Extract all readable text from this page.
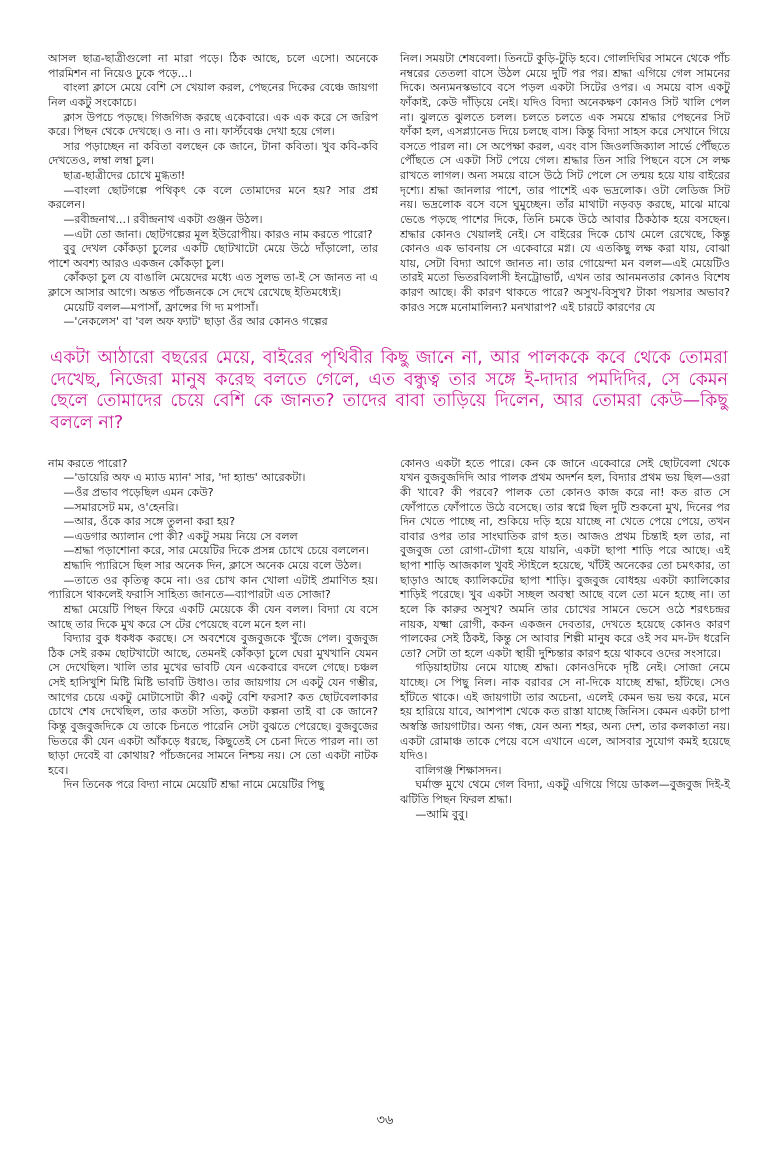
আসল ছাত্র-ছাত্রীগুলো না মারা পড়ে। ঠিক আছে, চলে এসো। অনেকে পারমিশন না নিয়েও ঢুকে পড়ে...।

বাংলা ক্লাসে মেয়ে বেশি সে খেয়াল করল, পেছনের দিকের বেঞ্চে জায়গা নিল একটু সংকোচে।

ক্লাস উপচে পড়ছে। গিজগিজ করছে একেবারে। এক এক করে সে জরিপ করে। পিছন থেকে দেখছে। ও না। ও না। ফার্স্টবেঞ্চ দেখা হয়ে গেল।

সার পড়াচ্ছেন না কবিতা বলছেন কে জানে, টানা কবিতা। খুব কবি-কবি দেখতেও, লম্বা লম্বা চুল।

ছাত্র-ছাত্রীদের চোখে মুগ্ধতা!

—বাংলা ছোটগল্পে পথিকৃৎ কে বলে তোমাদের মনে হয়? সার প্রশ্ন করলেন।

—রবীন্দ্রনাথ...। রবীন্দ্রনাথ একটা গুঞ্জন উঠল।

—এটা তো জানা। ছোটগল্পের মূল ইউরোপীয়। কারও নাম করতে পারো?

বুবু দেখল কোঁকড়া চুলের একটি ছোটখাটো মেয়ে উঠে দাঁড়ালো, তার পাশে অবশ্য আরও একজন কোঁকড়া চুল।

কোঁকড়া চুল যে বাঙালি মেয়েদের মধ্যে এত সুলভ তা-ই সে জানত না এ ক্লাসে আসার আগে। অন্তত পাঁচজনকে সে দেখে রেখেছে ইতিমধ্যেই।

মেয়েটি বলল—মপাসাঁ, ফ্রান্সের গি দ্য মপাসাঁ।

—'নেকলেস' বা 'বল অফ ফ্যাট' ছাড়া ওঁর আর কোনও গল্পের

নিল। সময়টা শেষবেলা। তিনটে কুড়ি-টুড়ি হবে। গোলদিঘির সামনে থেকে পাঁচ নম্বরের তেতলা বাসে উঠল মেয়ে দুটি পর পর। শ্রদ্ধা এগিয়ে গেল সামনের দিকে। অন্যমনস্কভাবে বসে পড়ল একটা সিটের ওপর। এ সময়ে বাস একটু ফাঁকাই, কেউ দাঁড়িয়ে নেই। যদিও বিদ্যা অনেকক্ষণ কোনও সিট খালি পেল না। ঝুলতে ঝুলতে চলল। চলতে চলতে এক সময়ে শ্রদ্ধার পেছনের সিট ফাঁকা হল, এসপ্ল্যানেড দিয়ে চলছে বাস। কিন্তু বিদ্যা সাহস করে সেখানে গিয়ে বসতে পারল না। সে অপেক্ষা করল, এবং বাস জিওলজিক্যাল সার্ভে পৌঁছতে পৌঁছতে সে একটা সিট পেয়ে গেল। শ্রদ্ধার তিন সারি পিছনে বসে সে লক্ষ রাখতে লাগল। অন্য সময়ে বাসে উঠে সিট পেলে সে তন্ময় হয়ে যায় বাইরের দৃশ্যে। শ্রদ্ধা জানলার পাশে, তার পাশেই এক ভদ্রলোক। ওটা লেডিজ সিট নয়। ভদ্রলোক বসে বসে ঘুমুচ্ছেন। তাঁর মাথাটা নড়বড় করছে, মাঝে মাঝে ভেঙে পড়ছে পাশের দিকে, তিনি চমকে উঠে আবার ঠিকঠাক হয়ে বসছেন। শ্রদ্ধার কোনও খেয়ালই নেই। সে বাইরের দিকে চোখ মেলে রেখেছে, কিন্তু কোনও এক ভাবনায় সে একেবারে মগ্ন। যে এতকিছু লক্ষ করা যায়, বোঝা যায়, সেটা বিদ্যা আগে জানত না। তার গোয়েন্দা মন বলল—এই মেয়েটিও তারই মতো ভিতরবিলাসী ইনট্রোভার্ট, এখন তার আনমনতার কোনও বিশেষ কারণ আছে। কী কারণ থাকতে পারে? অসুখ-বিসুখ? টাকা পয়সার অভাব? কারও সঙ্গে মনোমালিন্য? মনখারাপ? এই চারটে কারণের যে

একটা আঠারো বছরের মেয়ে, বাইরের পৃথিবীর কিছু জানে না, আর পালককে কবে থেকে তোমরা দেখেছ, নিজেরা মানুষ করেছ বলতে গেলে, এত বন্ধুত্ব তার সঙ্গে ই-দাদার পমদিদির, সে কেমন ছেলে তোমাদের চেয়ে বেশি কে জানত? তাদের বাবা তাড়িয়ে দিলেন, আর তোমরা কেউ—কিছু বললে না?

নাম করতে পারো?

—'ডায়েরি অফ এ ম্যাড ম্যান' সার, 'দা হ্যান্ড' আরেকটা।

—ওঁর প্রভাব পড়েছিল এমন কেউ?

—সমারসেট মম, ও'হেনরি।

—আর, ওঁকে কার সঙ্গে তুলনা করা হয়?

—এডগার অ্যালান পো কী? একটু সময় নিয়ে সে বলল

—শ্রদ্ধা পড়াশোনা করে, সার মেয়েটির দিকে প্রসন্ন চোখে চেয়ে বললেন।

শ্রদ্ধাদি প্যারিসে ছিল সার অনেক দিন, ক্লাসে অনেক মেয়ে বলে উঠল।

—তাতে ওর কৃতিত্ব কমে না। ওর চোখ কান খোলা এটাই প্রমাণিত হয়। প্যারিসে থাকলেই ফরাসি সাহিত্য জানতে—ব্যাপারটা এত সোজা?

শ্রদ্ধা মেয়েটি পিছন ফিরে একটি মেয়েকে কী যেন বলল। বিদ্যা যে বসে আছে তার দিকে মুখ করে সে টের পেয়েছে বলে মনে হল না।

বিদ্যার বুক ধকধক করছে। সে অবশেষে বুজবুজকে খুঁজে পেল। বুজবুজ ঠিক সেই রকম ছোটখাটো আছে, তেমনই কোঁকড়া চুলে ঘেরা মুখখানি যেমন সে দেখেছিল। খালি তার মুখের ভাবটি যেন একেবারে বদলে গেছে। চঞ্চল সেই হাসিখুশি মিষ্টি মিষ্টি ভাবটি উধাও। তার জায়গায় সে একটু যেন গম্ভীর, আগের চেয়ে একটু মোটাসোটা কী? একটু বেশি ফরসা? কত ছোটবেলাকার চোখে শেষ দেখেছিল, তার কতটা সত্যি, কতটা কল্পনা তাই বা কে জানে? কিন্তু বুজবুজদিকে যে তাকে চিনতে পারেনি সেটা বুঝতে পেরেছে। বুজবুজের ভিতরে কী যেন একটা আঁকড়ে ধরছে, কিছুতেই সে চেনা দিতে পারল না। তা ছাড়া দেবেই বা কোথায়? পাঁচজনের সামনে নিশ্চয় নয়। সে তো একটা নাটক হবে।

দিন তিনেক পরে বিদ্যা নামে মেয়েটি শ্রদ্ধা নামে মেয়েটির পিছু

কোনও একটা হতে পারে। কেন কে জানে একেবারে সেই ছোটবেলা থেকে যখন বুজবুজদিদি আর পালক প্রথম অদর্শন হল, বিদ্যার প্রথম ভয় ছিল—ওরা কী খাবে? কী পরবে? পালক তো কোনও কাজ করে না! কত রাত সে ফোঁপাতে ফোঁপাতে উঠে বসেছে। তার স্বপ্নে ছিল দুটি শুকনো মুখ, দিনের পর দিন খেতে পাচ্ছে না, শুকিয়ে দড়ি হয়ে যাচ্ছে না খেতে পেয়ে পেয়ে, তখন বাবার ওপর তার সাংঘাতিক রাগ হত। আজও প্রথম চিন্তাই হল তার, না বুজবুজ তো রোগা-টোগা হয়ে যায়নি, একটা ছাপা শাড়ি পরে আছে। এই ছাপা শাড়ি আজকাল খুবই স্টাইলে হয়েছে, খাঁটই অনেকের তো চমৎকার, তা ছাড়াও আছে ক্যালিকটের ছাপা শাড়ি। বুজবুজ বোধহয় একটা ক্যালিকোর শাড়িই পরেছে। খুব একটা সচ্ছল অবস্থা আছে বলে তো মনে হচ্ছে না। তা হলে কি কারুর অসুখ? অমনি তার চোখের সামনে ভেসে ওঠে শরৎচন্দ্রর নায়ক, যক্ষ্মা রোগী, ককন একজন দেবতার, দেখতে হয়েছে কোনও কারণ পালকের সেই ঠিকই, কিন্তু সে আবার শিল্পী মানুষ করে ওই সব মদ-টদ ধরেনি তো? সেটা তা হলে একটা স্থায়ী দুশ্চিন্তার কারণ হয়ে থাকবে ওদের সংসারে।

গড়িয়াহাটায় নেমে যাচ্ছে শ্রদ্ধা। কোনওদিকে দৃষ্টি নেই। সোজা নেমে যাচ্ছে। সে পিছু নিল। নাক বরাবর সে না-দিকে যাচ্ছে শ্রদ্ধা, হাঁটছে। সেও হাঁটতে থাকে। এই জায়গাটা তার অচেনা, এলেই কেমন ভয় ভয় করে, মনে হয় হারিয়ে যাবে, আশপাশ থেকে কত রাস্তা যাচ্ছে জিনিস। কেমন একটা চাপা অস্বস্তি জায়গাটার। অন্য গন্ধ, যেন অন্য শহর, অন্য দেশ, তার কলকাতা নয়। একটা রোমাঞ্চ তাকে পেয়ে বসে এখানে এলে, আসবার সুযোগ কমই হয়েছে যদিও।

বালিগঞ্জ শিক্ষাসদন।

ঘর্মাক্ত মুখে থেমে গেল বিদ্যা, একটু এগিয়ে গিয়ে ডাকল—বুজবুজ দিই-ই ঝটিতি পিছন ফিরল শ্রদ্ধা।

—আমি বুবু।

৩৬
